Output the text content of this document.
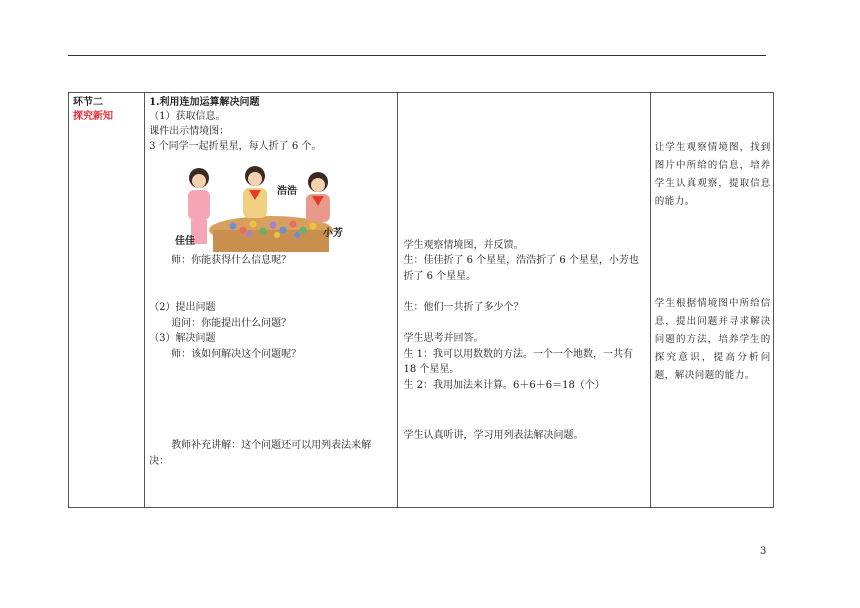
环节二
探究新知

1.利用连加运算解决问题
（1）获取信息。
课件出示情境图：
3 个同学一起折星星，每人折了 6 个。
佳佳
浩浩
小芳
师：你能获得什么信息呢？
（2）提出问题
追问：你能提出什么问题？
（3）解决问题
师：该如何解决这个问题呢？
教师补充讲解：这个问题还可以用列表法来解
决：

学生观察情境图，并反馈。
生：佳佳折了 6 个星星，浩浩折了 6 个星星，小芳也
折了 6 个星星。
生：他们一共折了多少个？
学生思考并回答。
生 1：我可以用数数的方法。一个一个地数，一共有
18 个星星。
生 2：我用加法来计算。6＋6＋6＝18（个）
学生认真听讲，学习用列表法解决问题。

让学生观察情境图，找到图片中所给的信息，培养学生认真观察，提取信息的能力。
学生根据情境图中所给信息，提出问题并寻求解决问题的方法，培养学生的探究意识，提高分析问题，解决问题的能力。
3
